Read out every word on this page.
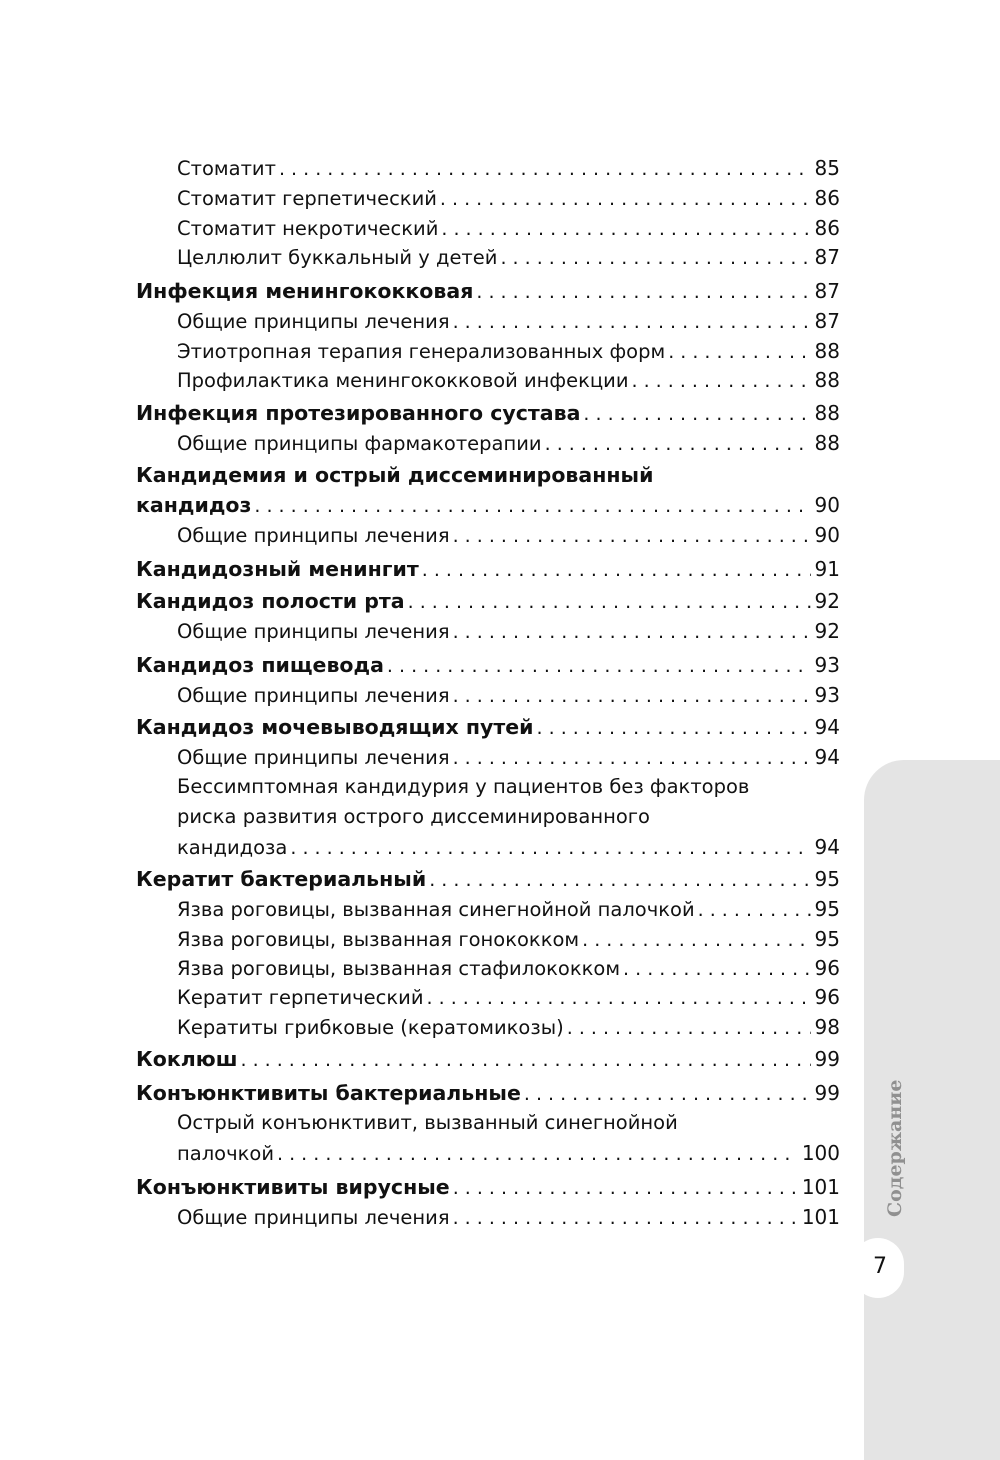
Стоматит . . .	85
Стоматит герпетический . . .	86
Стоматит некротический . . .	86
Целлюлит буккальный у детей . . .	87
Инфекция менингококковая . . .	87
Общие принципы лечения . . .	87
Этиотропная терапия генерализованных форм . . .	88
Профилактика менингококковой инфекции . . .	88
Инфекция протезированного сустава . . .	88
Общие принципы фармакотерапии . . .	88
Кандидемия и острый диссеминированный
кандидоз . . .	90
Общие принципы лечения . . .	90
Кандидозный менингит . . .	91
Кандидоз полости рта . . .	92
Общие принципы лечения . . .	92
Кандидоз пищевода . . .	93
Общие принципы лечения . . .	93
Кандидоз мочевыводящих путей . . .	94
Общие принципы лечения . . .	94
Бессимптомная кандидурия у пациентов без факторов
риска развития острого диссеминированного
кандидоза . . .	94
Кератит бактериальный . . .	95
Язва роговицы, вызванная синегнойной палочкой . . .	95
Язва роговицы, вызванная гонококком . . .	95
Язва роговицы, вызванная стафилококком . . .	96
Кератит герпетический . . .	96
Кератиты грибковые (кератомикозы) . . .	98
Коклюш . . .	99
Конъюнктивиты бактериальные . . .	99
Острый конъюнктивит, вызванный синегнойной
палочкой . . .	100
Конъюнктивиты вирусные . . .	101
Общие принципы лечения . . .	101 Содержание
7
